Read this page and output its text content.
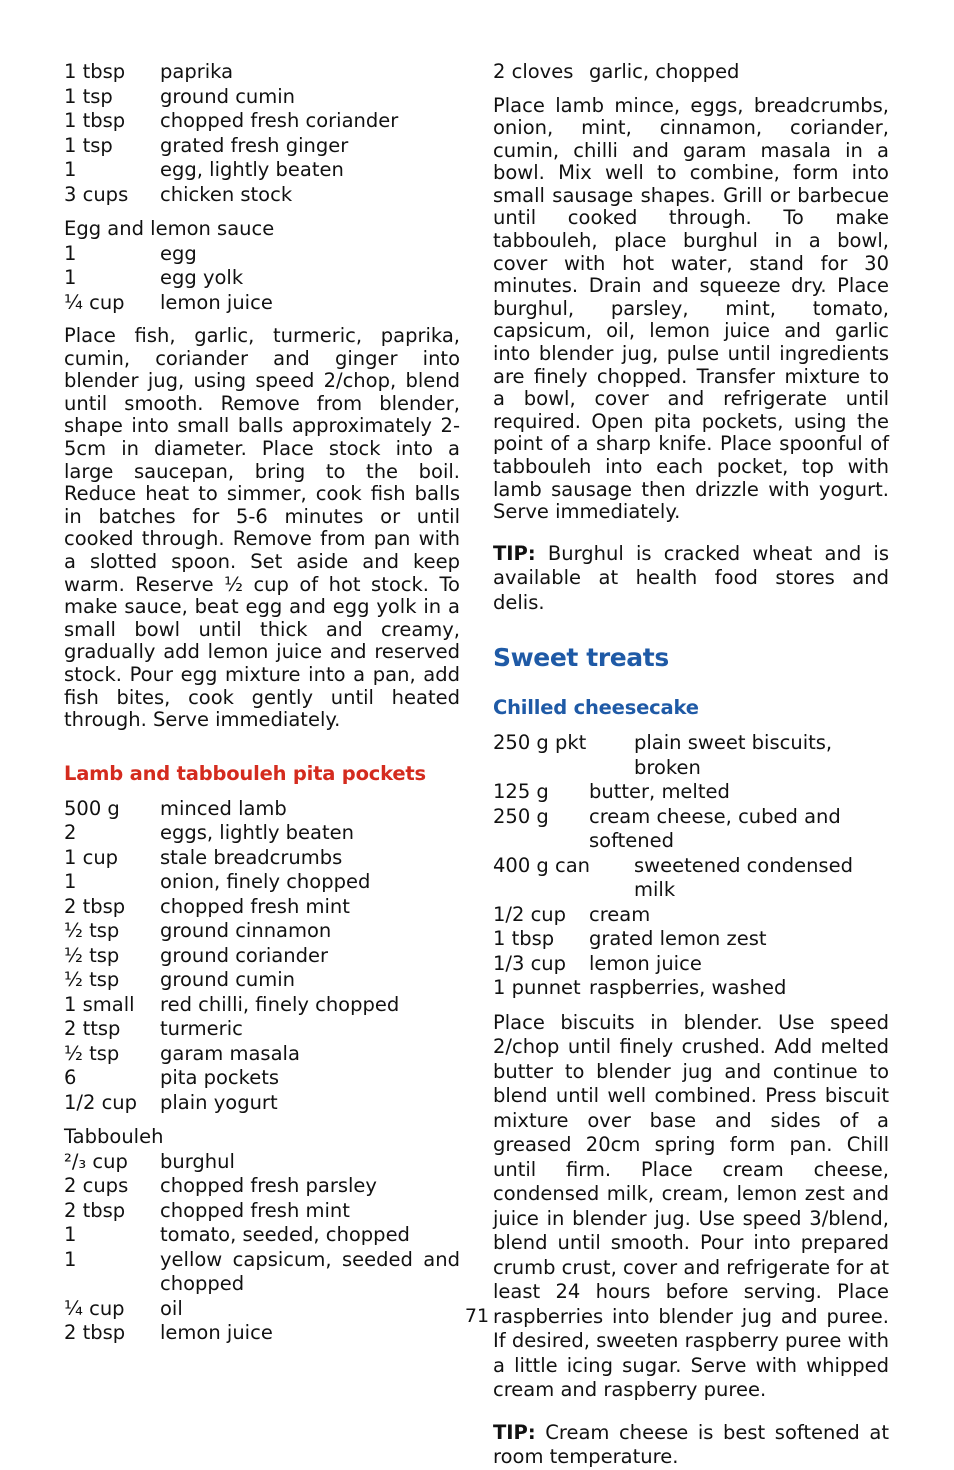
1 tbsp	paprika
1 tsp	ground cumin
1 tbsp	chopped fresh coriander
1 tsp	grated fresh ginger
1	egg, lightly beaten
3 cups	chicken stock
Egg and lemon sauce
1	egg
1	egg yolk
¼ cup	lemon juice

Place fish, garlic, turmeric, paprika, cumin, coriander and ginger into blender jug, using speed 2/chop, blend until smooth. Remove from blender, shape into small balls approximately 2-5cm in diameter. Place stock into a large saucepan, bring to the boil. Reduce heat to simmer, cook fish balls in batches for 5-6 minutes or until cooked through. Remove from pan with a slotted spoon. Set aside and keep warm. Reserve ½ cup of hot stock. To make sauce, beat egg and egg yolk in a small bowl until thick and creamy, gradually add lemon juice and reserved stock. Pour egg mixture into a pan, add fish bites, cook gently until heated through. Serve immediately.

Lamb and tabbouleh pita pockets
500 g	minced lamb
2	eggs, lightly beaten
1 cup	stale breadcrumbs
1	onion, finely chopped
2 tbsp	chopped fresh mint
½ tsp	ground cinnamon
½ tsp	ground coriander
½ tsp	ground cumin
1 small	red chilli, finely chopped
2 ttsp	turmeric
½ tsp	garam masala
6	pita pockets
1/2 cup	plain yogurt
Tabbouleh
²/₃ cup	burghul
2 cups	chopped fresh parsley
2 tbsp	chopped fresh mint
1	tomato, seeded, chopped
1	yellow capsicum, seeded and chopped
¼ cup	oil
2 tbsp	lemon juice
2 cloves garlic, chopped

Place lamb mince, eggs, breadcrumbs, onion, mint, cinnamon, coriander, cumin, chilli and garam masala in a bowl. Mix well to combine, form into small sausage shapes. Grill or barbecue until cooked through. To make tabbouleh, place burghul in a bowl, cover with hot water, stand for 30 minutes. Drain and squeeze dry. Place burghul, parsley, mint, tomato, capsicum, oil, lemon juice and garlic into blender jug, pulse until ingredients are finely chopped. Transfer mixture to a bowl, cover and refrigerate until required. Open pita pockets, using the point of a sharp knife. Place spoonful of tabbouleh into each pocket, top with lamb sausage then drizzle with yogurt. Serve immediately.

TIP: Burghul is cracked wheat and is available at health food stores and delis.
Sweet treats
Chilled cheesecake
250 g pkt	plain sweet biscuits, broken
125 g	butter, melted
250 g	cream cheese, cubed and softened
400 g can	sweetened condensed milk
1/2 cup	cream
1 tbsp	grated lemon zest
1/3 cup	lemon juice
1 punnet raspberries, washed

Place biscuits in blender. Use speed 2/chop until finely crushed. Add melted butter to blender jug and continue to blend until well combined. Press biscuit mixture over base and sides of a greased 20cm spring form pan. Chill until firm. Place cream cheese, condensed milk, cream, lemon zest and juice in blender jug. Use speed 3/blend, blend until smooth. Pour into prepared crumb crust, cover and refrigerate for at least 24 hours before serving. Place raspberries into blender jug and puree. If desired, sweeten raspberry puree with a little icing sugar. Serve with whipped cream and raspberry puree.

TIP: Cream cheese is best softened at room temperature.
71
